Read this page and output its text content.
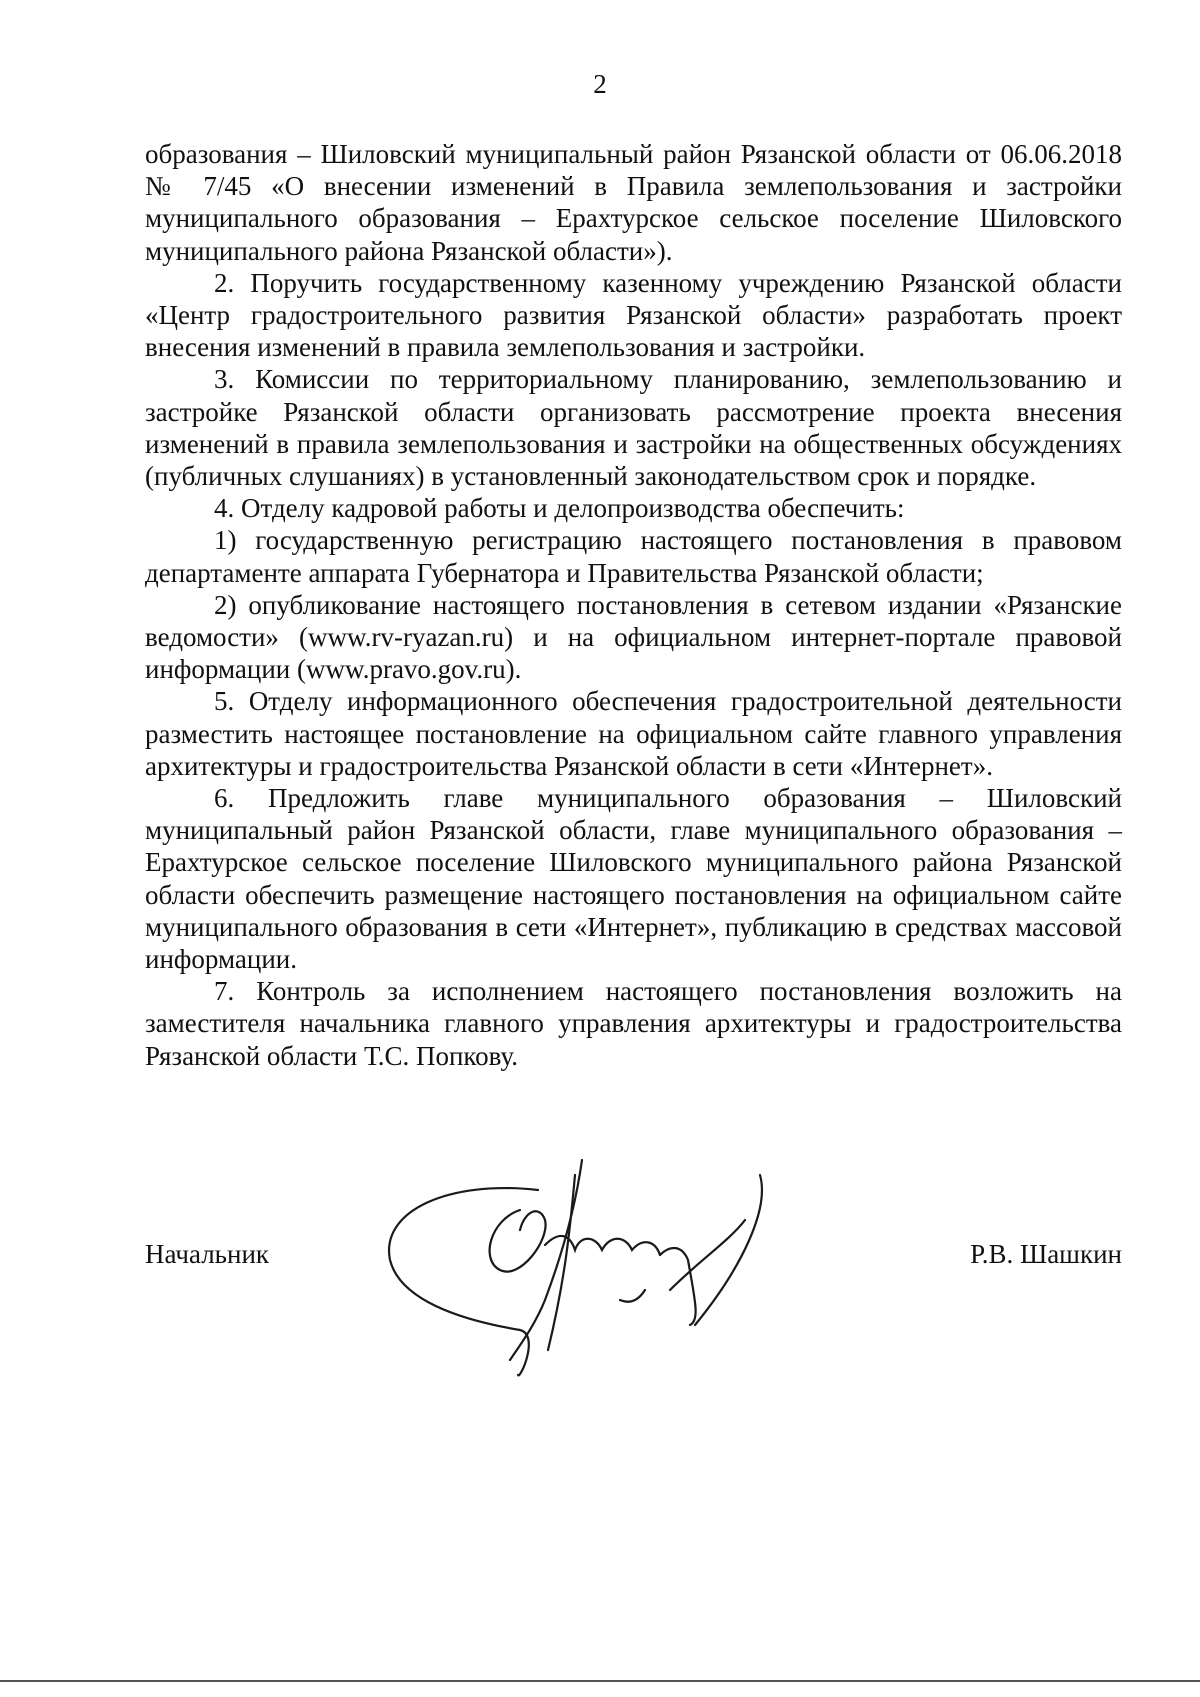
2

образования – Шиловский муниципальный район Рязанской области от 06.06.2018 № 7/45 «О внесении изменений в Правила землепользования и застройки муниципального образования – Ерахтурское сельское поселение Шиловского муниципального района Рязанской области»).

2. Поручить государственному казенному учреждению Рязанской области «Центр градостроительного развития Рязанской области» разработать проект внесения изменений в правила землепользования и застройки.

3. Комиссии по территориальному планированию, землепользованию и застройке Рязанской области организовать рассмотрение проекта внесения изменений в правила землепользования и застройки на общественных обсуждениях (публичных слушаниях) в установленный законодательством срок и порядке.

4. Отделу кадровой работы и делопроизводства обеспечить:

1) государственную регистрацию настоящего постановления в правовом департаменте аппарата Губернатора и Правительства Рязанской области;

2) опубликование настоящего постановления в сетевом издании «Рязанские ведомости» (www.rv-ryazan.ru) и на официальном интернет-портале правовой информации (www.pravo.gov.ru).

5. Отделу информационного обеспечения градостроительной деятельности разместить настоящее постановление на официальном сайте главного управления архитектуры и градостроительства Рязанской области в сети «Интернет».

6. Предложить главе муниципального образования – Шиловский муниципальный район Рязанской области, главе муниципального образования – Ерахтурское сельское поселение Шиловского муниципального района Рязанской области обеспечить размещение настоящего постановления на официальном сайте муниципального образования в сети «Интернет», публикацию в средствах массовой информации.

7. Контроль за исполнением настоящего постановления возложить на заместителя начальника главного управления архитектуры и градостроительства Рязанской области Т.С. Попкову.

Начальник	Р.В. Шашкин
